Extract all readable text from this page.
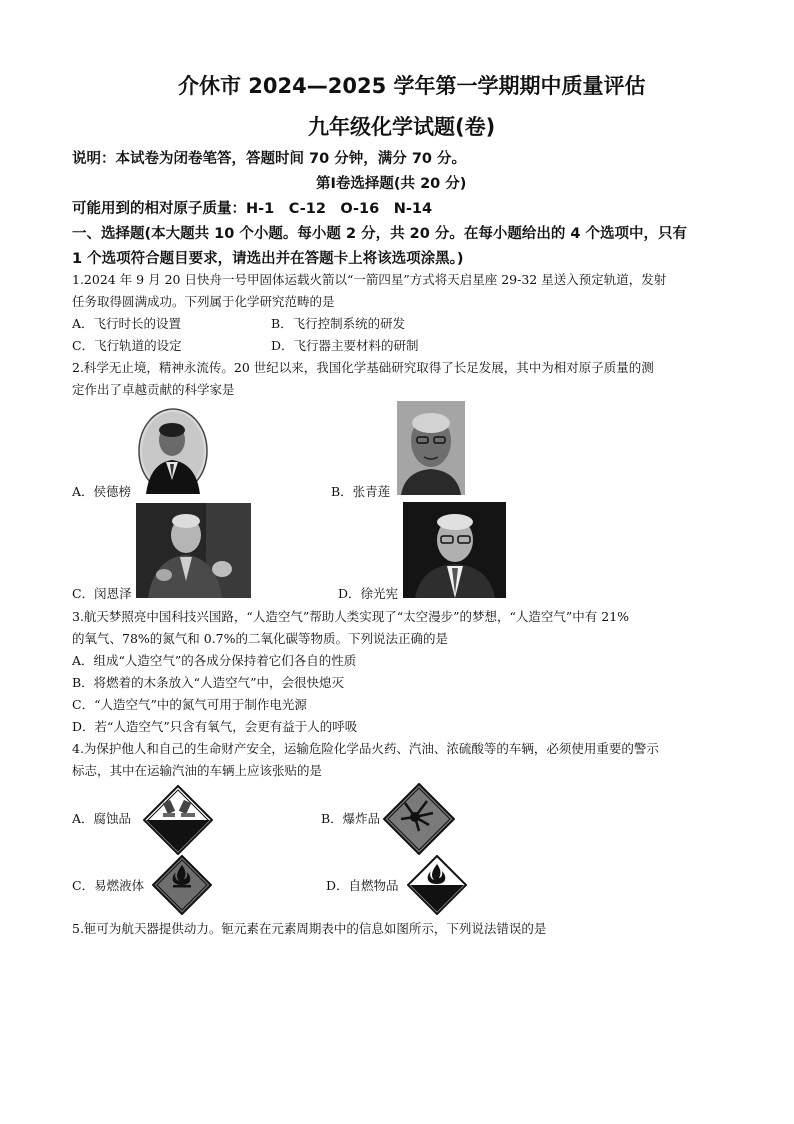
介休市 2024—2025 学年第一学期期中质量评估
九年级化学试题(卷)
说明：本试卷为闭卷笔答，答题时间 70 分钟，满分 70 分。
第Ⅰ卷选择题(共 20 分)
可能用到的相对原子质量：H-1　C-12　O-16　N-14
一、选择题(本大题共 10 个小题。每小题 2 分，共 20 分。在每小题给出的 4 个选项中，只有
1 个选项符合题目要求，请选出并在答题卡上将该选项涂黑。)
1.2024 年 9 月 20 日快舟一号甲固体运载火箭以“一箭四星”方式将天启星座 29-32 星送入预定轨道，发射
任务取得圆满成功。下列属于化学研究范畴的是
A．飞行时长的设置	B．飞行控制系统的研发
C．飞行轨道的设定	D．飞行器主要材料的研制
2.科学无止境，精神永流传。20 世纪以来，我国化学基础研究取得了长足发展，其中为相对原子质量的测
定作出了卓越贡献的科学家是
A．侯德榜	B．张青莲
C．闵恩泽	D．徐光宪
3.航天梦照亮中国科技兴国路，“人造空气”帮助人类实现了“太空漫步”的梦想，“人造空气”中有 21%
的氧气、78%的氮气和 0.7%的二氧化碳等物质。下列说法正确的是
A．组成“人造空气”的各成分保持着它们各自的性质
B．将燃着的木条放入“人造空气”中，会很快熄灭
C．“人造空气”中的氮气可用于制作电光源
D．若“人造空气”只含有氧气，会更有益于人的呼吸
4.为保护他人和自己的生命财产安全，运输危险化学品火药、汽油、浓硫酸等的车辆，必须使用重要的警示
标志，其中在运输汽油的车辆上应该张贴的是
A．腐蚀品	B．爆炸品
C．易燃液体	D．自燃物品
5.钷可为航天器提供动力。钷元素在元素周期表中的信息如图所示，下列说法错误的是
